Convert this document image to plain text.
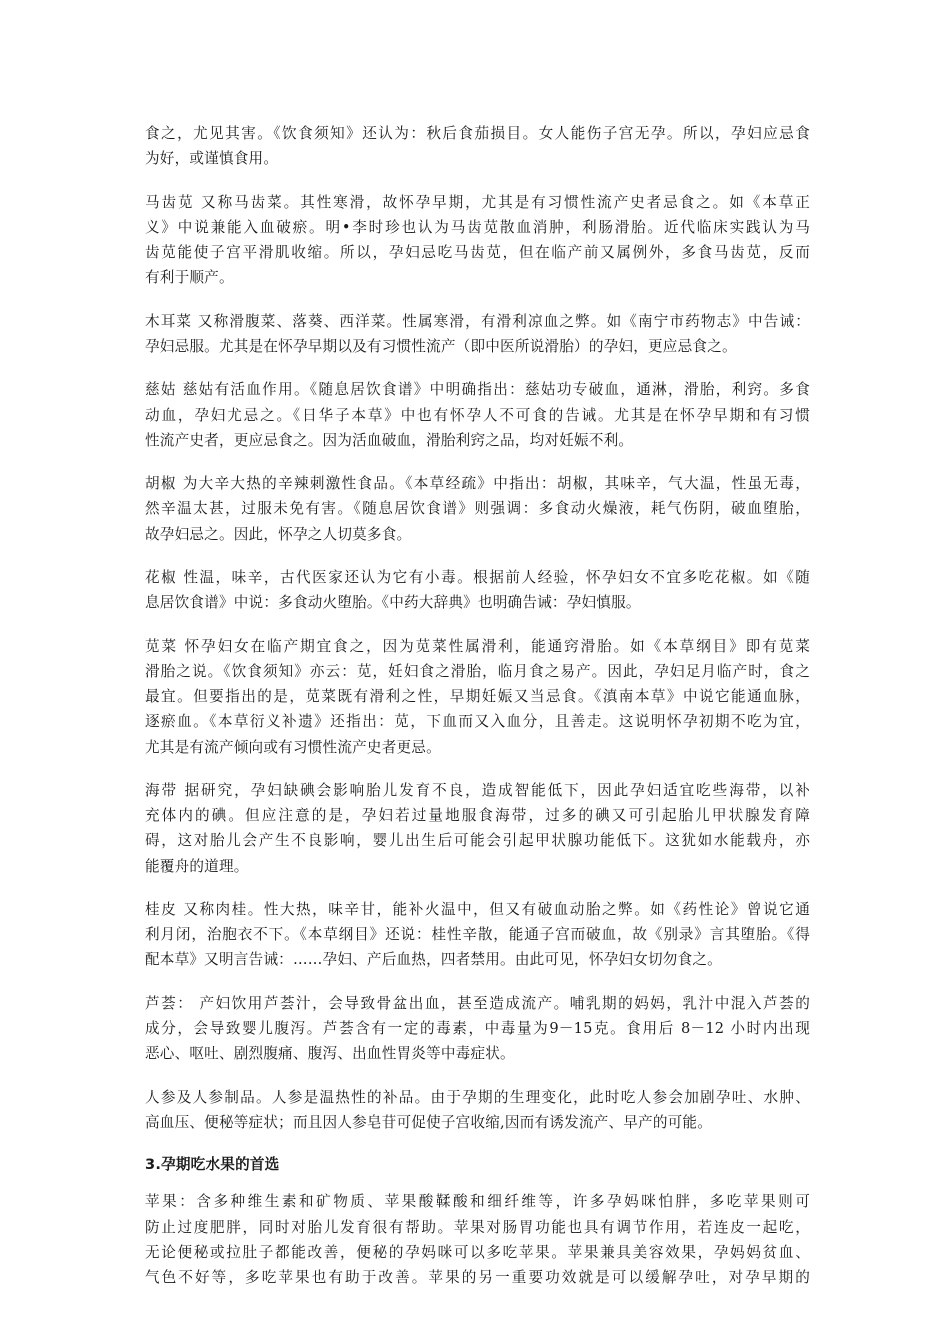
食之，尤见其害。《饮食须知》还认为：秋后食茄损目。女人能伤子宫无孕。所以，孕妇应忌食
为好，或谨慎食用。
马齿苋 又称马齿菜。其性寒滑，故怀孕早期，尤其是有习惯性流产史者忌食之。如《本草正
义》中说兼能入血破瘀。明•李时珍也认为马齿苋散血消肿，利肠滑胎。近代临床实践认为马
齿苋能使子宫平滑肌收缩。所以，孕妇忌吃马齿苋，但在临产前又属例外，多食马齿苋，反而
有利于顺产。
木耳菜 又称滑腹菜、落葵、西洋菜。性属寒滑，有滑利凉血之弊。如《南宁市药物志》中告诫：
孕妇忌服。尤其是在怀孕早期以及有习惯性流产（即中医所说滑胎）的孕妇，更应忌食之。
慈姑 慈姑有活血作用。《随息居饮食谱》中明确指出：慈姑功专破血，通淋，滑胎，利窍。多食
动血，孕妇尤忌之。《日华子本草》中也有怀孕人不可食的告诫。尤其是在怀孕早期和有习惯
性流产史者，更应忌食之。因为活血破血，滑胎利窍之品，均对妊娠不利。
胡椒 为大辛大热的辛辣刺激性食品。《本草经疏》中指出：胡椒，其味辛，气大温，性虽无毒，
然辛温太甚，过服未免有害。《随息居饮食谱》则强调：多食动火燥液，耗气伤阴，破血堕胎，
故孕妇忌之。因此，怀孕之人切莫多食。
花椒 性温，味辛，古代医家还认为它有小毒。根据前人经验，怀孕妇女不宜多吃花椒。如《随
息居饮食谱》中说：多食动火堕胎。《中药大辞典》也明确告诫：孕妇慎服。
苋菜 怀孕妇女在临产期宜食之，因为苋菜性属滑利，能通窍滑胎。如《本草纲目》即有苋菜
滑胎之说。《饮食须知》亦云：苋，妊妇食之滑胎，临月食之易产。因此，孕妇足月临产时，食之
最宜。但要指出的是，苋菜既有滑利之性，早期妊娠又当忌食。《滇南本草》中说它能通血脉，
逐瘀血。《本草衍义补遗》还指出：苋，下血而又入血分，且善走。这说明怀孕初期不吃为宜，
尤其是有流产倾向或有习惯性流产史者更忌。
海带 据研究，孕妇缺碘会影响胎儿发育不良，造成智能低下，因此孕妇适宜吃些海带，以补
充体内的碘。但应注意的是，孕妇若过量地服食海带，过多的碘又可引起胎儿甲状腺发育障
碍，这对胎儿会产生不良影响，婴儿出生后可能会引起甲状腺功能低下。这犹如水能载舟，亦
能覆舟的道理。
桂皮 又称肉桂。性大热，味辛甘，能补火温中，但又有破血动胎之弊。如《药性论》曾说它通
利月闭，治胞衣不下。《本草纲目》还说：桂性辛散，能通子宫而破血，故《别录》言其堕胎。《得
配本草》又明言告诫：……孕妇、产后血热，四者禁用。由此可见，怀孕妇女切勿食之。
芦荟： 产妇饮用芦荟汁，会导致骨盆出血，甚至造成流产。哺乳期的妈妈，乳汁中混入芦荟的
成分，会导致婴儿腹泻。芦荟含有一定的毒素，中毒量为9－15克。食用后 8－12 小时内出现
恶心、呕吐、剧烈腹痛、腹泻、出血性胃炎等中毒症状。
人参及人参制品。人参是温热性的补品。由于孕期的生理变化，此时吃人参会加剧孕吐、水肿、
高血压、便秘等症状；而且因人参皂苷可促使子宫收缩,因而有诱发流产、早产的可能。
3.孕期吃水果的首选
苹果：含多种维生素和矿物质、苹果酸鞣酸和细纤维等，许多孕妈咪怕胖，多吃苹果则可
防止过度肥胖，同时对胎儿发育很有帮助。苹果对肠胃功能也具有调节作用，若连皮一起吃，
无论便秘或拉肚子都能改善，便秘的孕妈咪可以多吃苹果。苹果兼具美容效果，孕妈妈贫血、
气色不好等，多吃苹果也有助于改善。苹果的另一重要功效就是可以缓解孕吐，对孕早期的
